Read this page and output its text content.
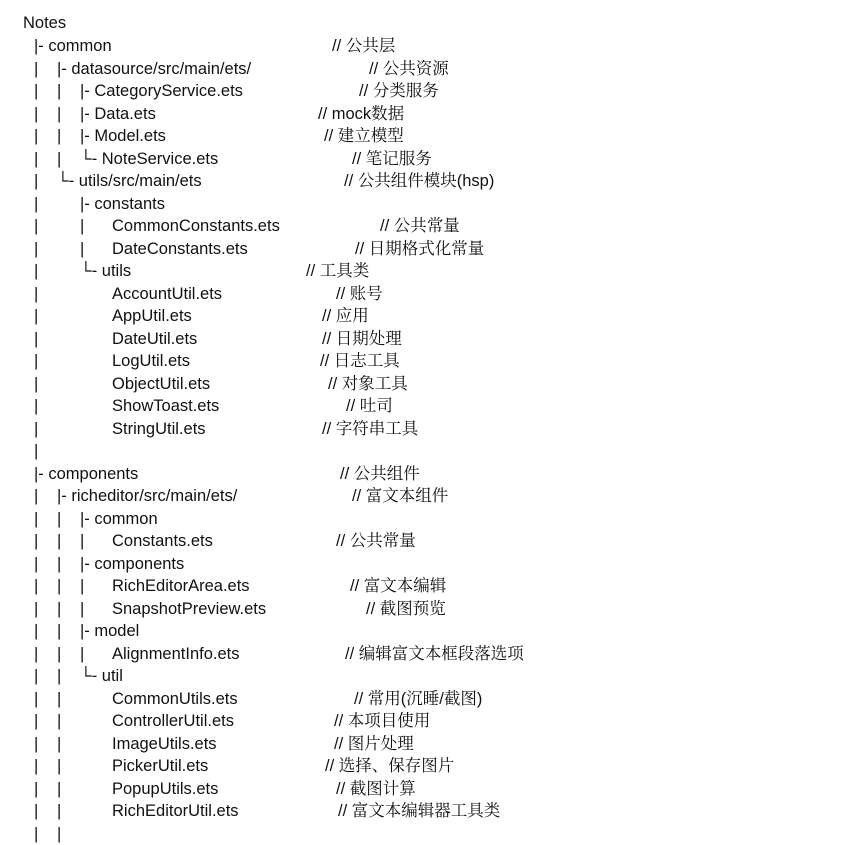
Notes
|- common	// 公共层
| |- datasource/src/main/ets/	// 公共资源
| | |- CategoryService.ets	// 分类服务
| | |- Data.ets	// mock数据
| | |- Model.ets	// 建立模型
| | └- NoteService.ets	// 笔记服务
| └- utils/src/main/ets	// 公共组件模块(hsp)
|	|- constants
|	| CommonConstants.ets	// 公共常量
|	| DateConstants.ets	// 日期格式化常量
|	└- utils	// 工具类
|	AccountUtil.ets	// 账号
|	AppUtil.ets	// 应用
|	DateUtil.ets	// 日期处理
|	LogUtil.ets	// 日志工具
|	ObjectUtil.ets	// 对象工具
|	ShowToast.ets	// 吐司
|	StringUtil.ets	// 字符串工具
|
|- components	// 公共组件
| |- richeditor/src/main/ets/	// 富文本组件
| | |- common
| | | Constants.ets	// 公共常量
| | |- components
| | | RichEditorArea.ets	// 富文本编辑
| | | SnapshotPreview.ets	// 截图预览
| | |- model
| | | AlignmentInfo.ets	// 编辑富文本框段落选项
| | └- util
| |	CommonUtils.ets	// 常用(沉睡/截图)
| |	ControllerUtil.ets	// 本项目使用
| |	ImageUtils.ets	// 图片处理
| |	PickerUtil.ets	// 选择、保存图片
| |	PopupUtils.ets	// 截图计算
| |	RichEditorUtil.ets	// 富文本编辑器工具类
| |
